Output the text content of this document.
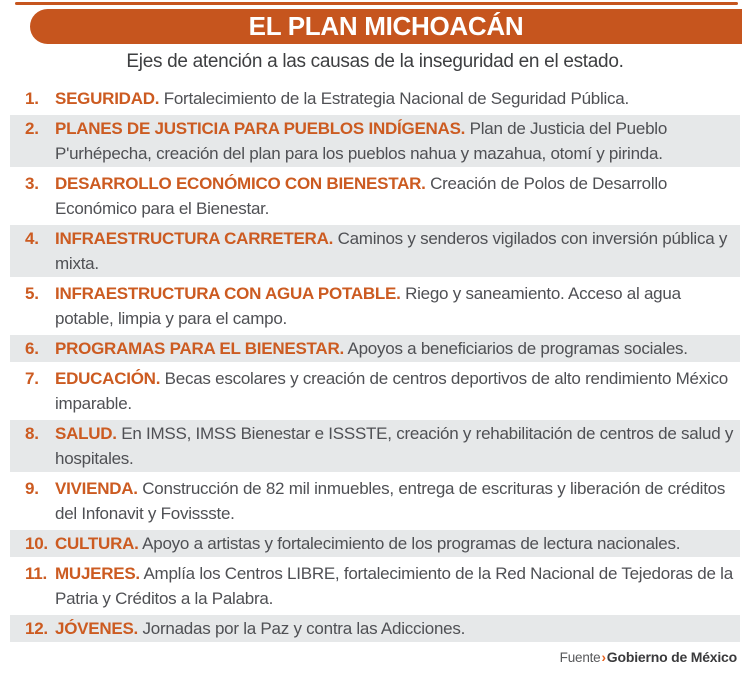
EL PLAN MICHOACÁN
Ejes de atención a las causas de la inseguridad en el estado.
1. SEGURIDAD. Fortalecimiento de la Estrategia Nacional de Seguridad Pública.
2. PLANES DE JUSTICIA PARA PUEBLOS INDÍGENAS. Plan de Justicia del Pueblo P'urhépecha, creación del plan para los pueblos nahua y mazahua, otomí y pirinda.
3. DESARROLLO ECONÓMICO CON BIENESTAR. Creación de Polos de Desarrollo Económico para el Bienestar.
4. INFRAESTRUCTURA CARRETERA. Caminos y senderos vigilados con inversión pública y mixta.
5. INFRAESTRUCTURA CON AGUA POTABLE. Riego y saneamiento. Acceso al agua potable, limpia y para el campo.
6. PROGRAMAS PARA EL BIENESTAR. Apoyos a beneficiarios de programas sociales.
7. EDUCACIÓN. Becas escolares y creación de centros deportivos de alto rendimiento México imparable.
8. SALUD. En IMSS, IMSS Bienestar e ISSSTE, creación y rehabilitación de centros de salud y hospitales.
9. VIVIENDA. Construcción de 82 mil inmuebles, entrega de escrituras y liberación de créditos del Infonavit y Fovissste.
10. CULTURA. Apoyo a artistas y fortalecimiento de los programas de lectura nacionales.
11. MUJERES. Amplía los Centros LIBRE, fortalecimiento de la Red Nacional de Tejedoras de la Patria y Créditos a la Palabra.
12. JÓVENES. Jornadas por la Paz y contra las Adicciones.
Fuente›Gobierno de México
